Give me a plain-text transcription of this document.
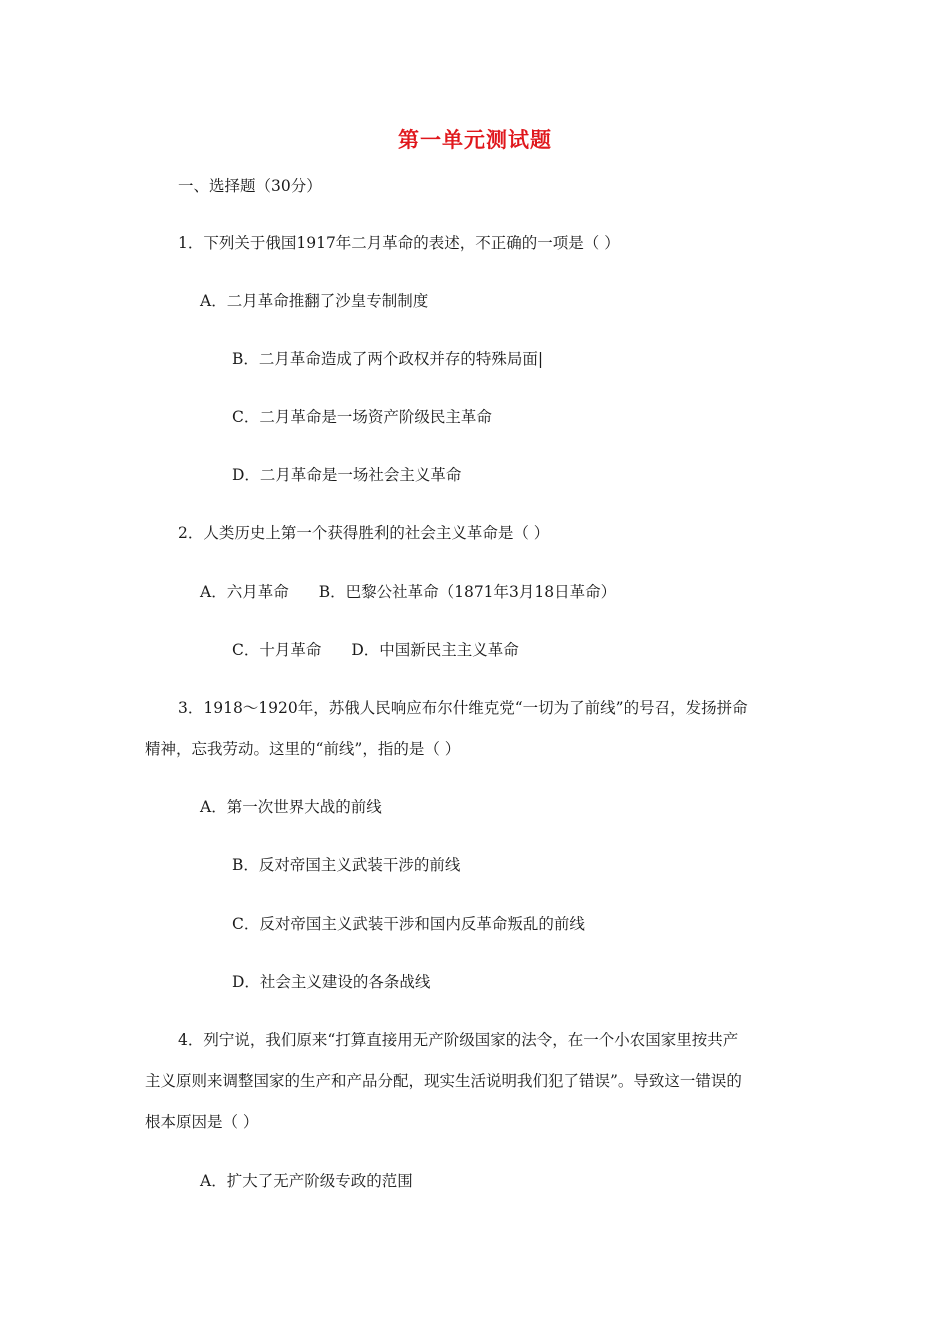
第一单元测试题
一、选择题（30分）
1．下列关于俄国1917年二月革命的表述，不正确的一项是（ ）
A．二月革命推翻了沙皇专制制度
B．二月革命造成了两个政权并存的特殊局面|
C．二月革命是一场资产阶级民主革命
D．二月革命是一场社会主义革命
2．人类历史上第一个获得胜利的社会主义革命是（ ）
A．六月革命 B．巴黎公社革命（1871年3月18日革命）
C．十月革命 D．中国新民主主义革命
3．1918～1920年，苏俄人民响应布尔什维克党“一切为了前线”的号召，发扬拼命
精神，忘我劳动。这里的“前线”，指的是（ ）
A．第一次世界大战的前线
B．反对帝国主义武装干涉的前线
C．反对帝国主义武装干涉和国内反革命叛乱的前线
D．社会主义建设的各条战线
4．列宁说，我们原来“打算直接用无产阶级国家的法令，在一个小农国家里按共产
主义原则来调整国家的生产和产品分配，现实生活说明我们犯了错误”。导致这一错误的
根本原因是（ ）
A．扩大了无产阶级专政的范围
